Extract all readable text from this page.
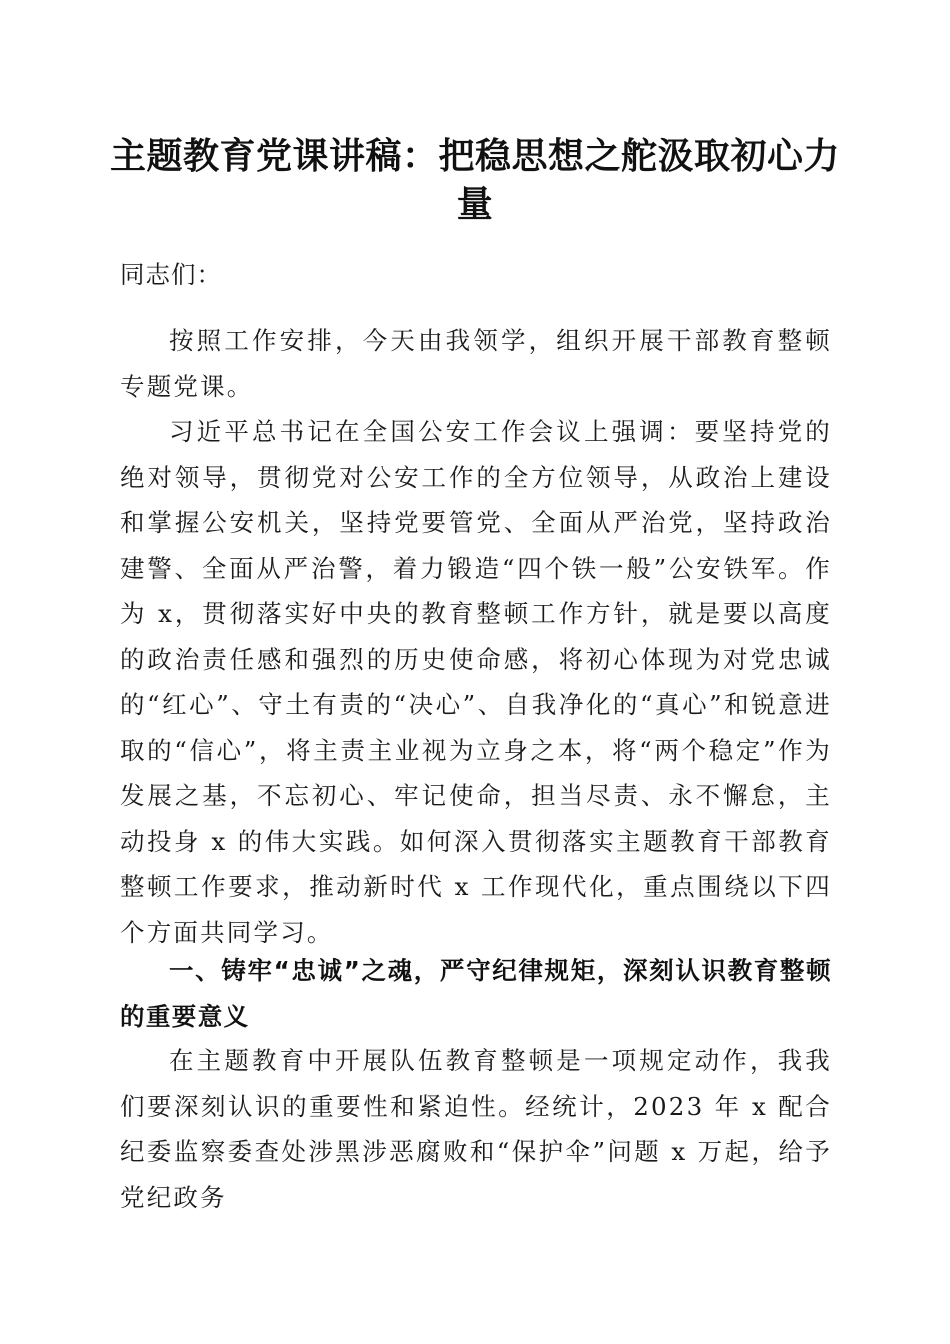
主题教育党课讲稿：把稳思想之舵汲取初心力量
同志们：
按照工作安排，今天由我领学，组织开展干部教育整顿专题党课。
习近平总书记在全国公安工作会议上强调：要坚持党的绝对领导，贯彻党对公安工作的全方位领导，从政治上建设和掌握公安机关，坚持党要管党、全面从严治党，坚持政治建警、全面从严治警，着力锻造“四个铁一般”公安铁军。作为 x，贯彻落实好中央的教育整顿工作方针，就是要以高度的政治责任感和强烈的历史使命感，将初心体现为对党忠诚的“红心”、守土有责的“决心”、自我净化的“真心”和锐意进取的“信心”，将主责主业视为立身之本，将“两个稳定”作为发展之基，不忘初心、牢记使命，担当尽责、永不懈怠，主动投身 x 的伟大实践。如何深入贯彻落实主题教育干部教育整顿工作要求，推动新时代 x 工作现代化，重点围绕以下四个方面共同学习。
一、铸牢“忠诚”之魂，严守纪律规矩，深刻认识教育整顿的重要意义
在主题教育中开展队伍教育整顿是一项规定动作，我我们要深刻认识的重要性和紧迫性。经统计，2023 年 x 配合纪委监察委查处涉黑涉恶腐败和“保护伞”问题 x 万起，给予党纪政务
